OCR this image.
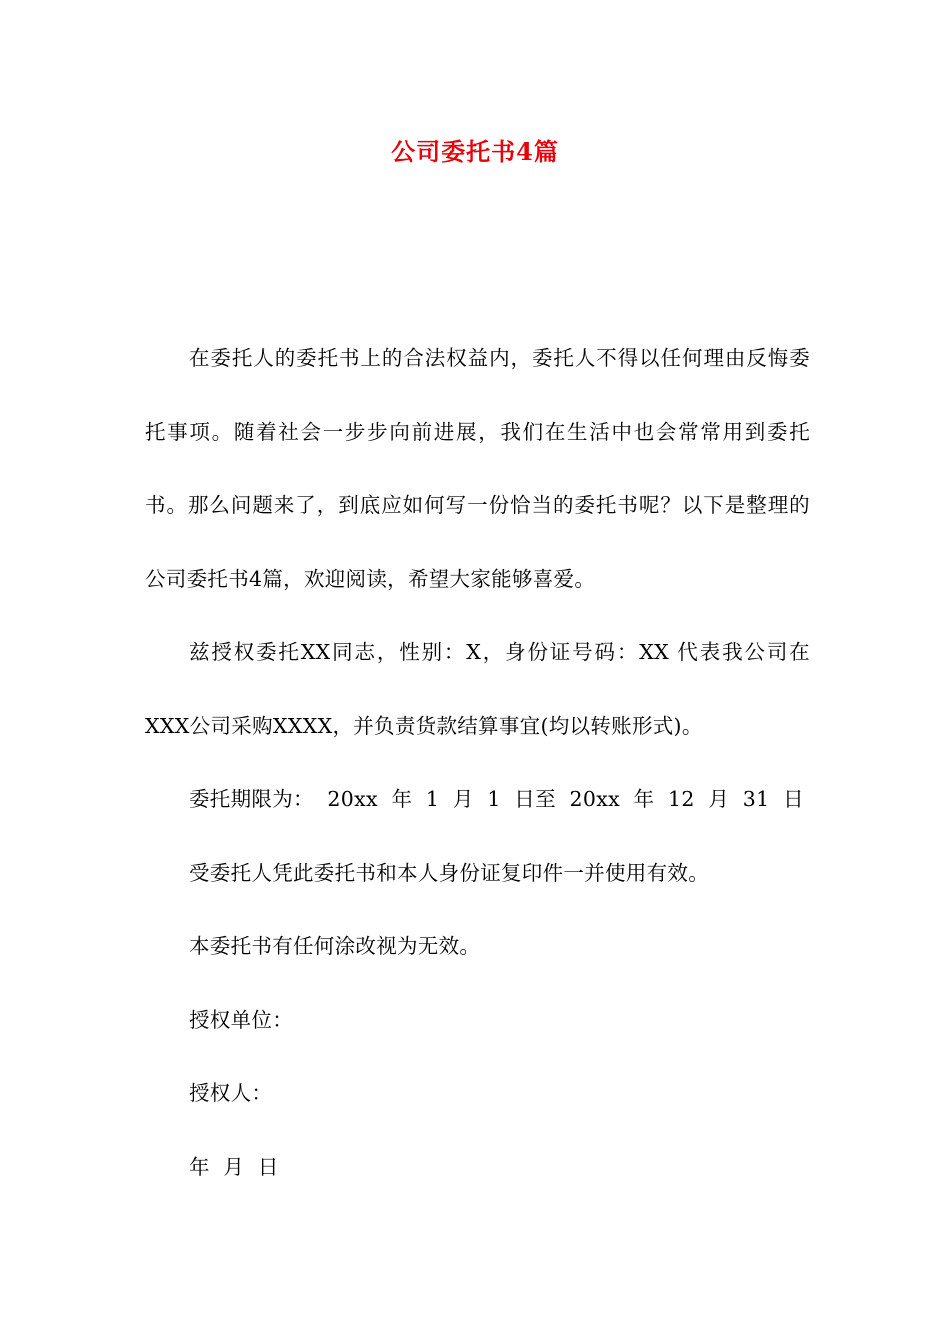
公司委托书4篇

在委托人的委托书上的合法权益内，委托人不得以任何理由反悔委托事项。随着社会一步步向前进展，我们在生活中也会常常用到委托书。那么问题来了，到底应如何写一份恰当的委托书呢？以下是整理的公司委托书4篇，欢迎阅读，希望大家能够喜爱。

兹授权委托XX同志，性别：X，身份证号码：XX 代表我公司在XXX公司采购XXXX，并负责货款结算事宜(均以转账形式)。

委托期限为：  20xx  年  1  月  1  日至  20xx  年  12  月  31  日

受委托人凭此委托书和本人身份证复印件一并使用有效。

本委托书有任何涂改视为无效。

授权单位：

授权人：

年  月  日
